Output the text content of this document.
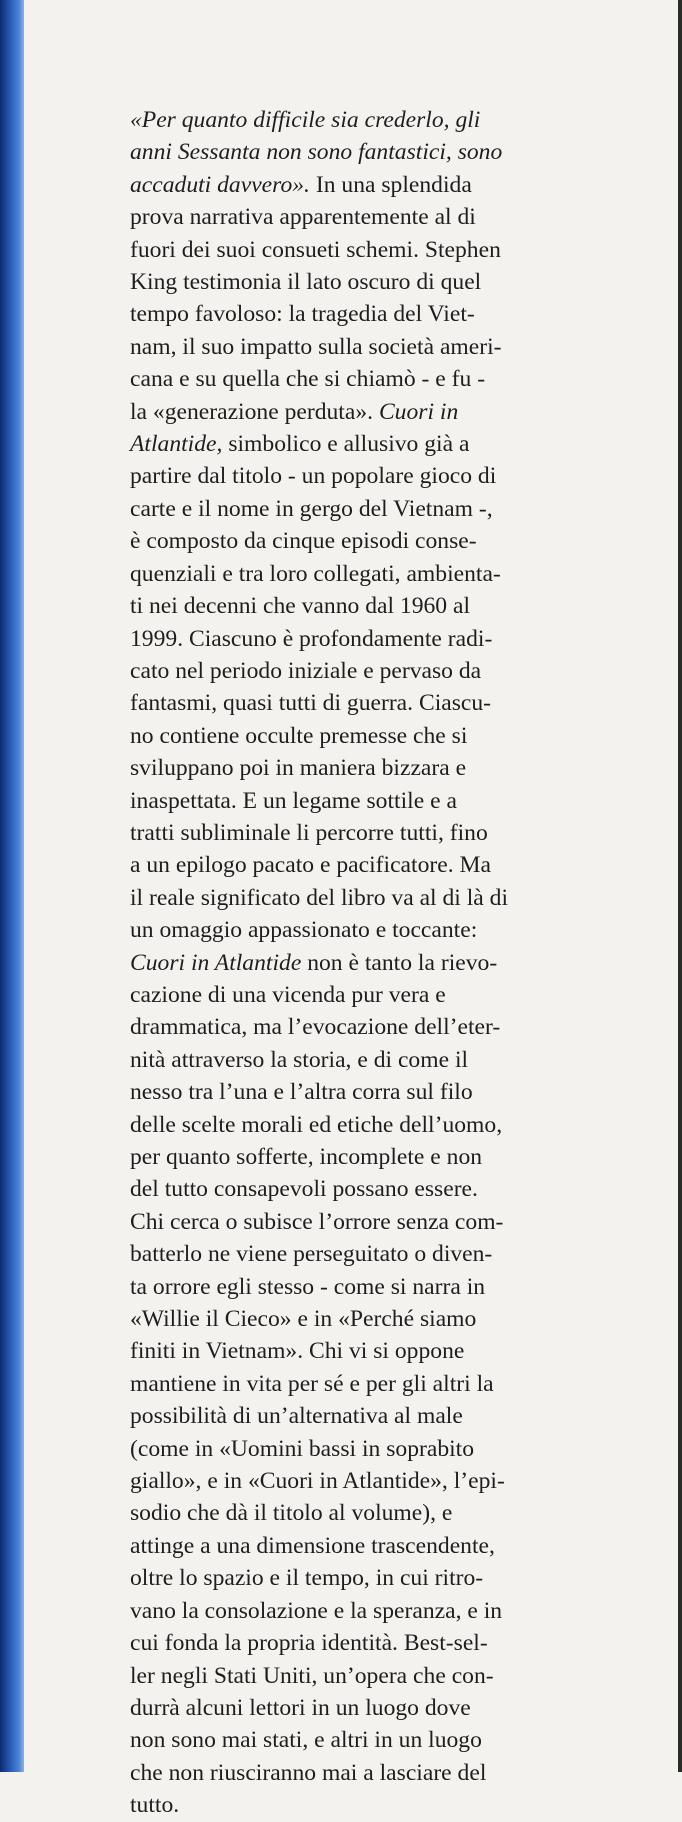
«Per quanto difficile sia crederlo, gli
anni Sessanta non sono fantastici, sono
accaduti davvero». In una splendida
prova narrativa apparentemente al di
fuori dei suoi consueti schemi. Stephen
King testimonia il lato oscuro di quel
tempo favoloso: la tragedia del Viet-
nam, il suo impatto sulla società ameri-
cana e su quella che si chiamò - e fu -
la «generazione perduta». Cuori in
Atlantide, simbolico e allusivo già a
partire dal titolo - un popolare gioco di
carte e il nome in gergo del Vietnam -,
è composto da cinque episodi conse-
quenziali e tra loro collegati, ambienta-
ti nei decenni che vanno dal 1960 al
1999. Ciascuno è profondamente radi-
cato nel periodo iniziale e pervaso da
fantasmi, quasi tutti di guerra. Ciascu-
no contiene occulte premesse che si
sviluppano poi in maniera bizzara e
inaspettata. E un legame sottile e a
tratti subliminale li percorre tutti, fino
a un epilogo pacato e pacificatore. Ma
il reale significato del libro va al di là di
un omaggio appassionato e toccante:
Cuori in Atlantide non è tanto la rievo-
cazione di una vicenda pur vera e
drammatica, ma l’evocazione dell’eter-
nità attraverso la storia, e di come il
nesso tra l’una e l’altra corra sul filo
delle scelte morali ed etiche dell’uomo,
per quanto sofferte, incomplete e non
del tutto consapevoli possano essere.
Chi cerca o subisce l’orrore senza com-
batterlo ne viene perseguitato o diven-
ta orrore egli stesso - come si narra in
«Willie il Cieco» e in «Perché siamo
finiti in Vietnam». Chi vi si oppone
mantiene in vita per sé e per gli altri la
possibilità di un’alternativa al male
(come in «Uomini bassi in soprabito
giallo», e in «Cuori in Atlantide», l’epi-
sodio che dà il titolo al volume), e
attinge a una dimensione trascendente,
oltre lo spazio e il tempo, in cui ritro-
vano la consolazione e la speranza, e in
cui fonda la propria identità. Best-sel-
ler negli Stati Uniti, un’opera che con-
durrà alcuni lettori in un luogo dove
non sono mai stati, e altri in un luogo
che non riusciranno mai a lasciare del
tutto.
